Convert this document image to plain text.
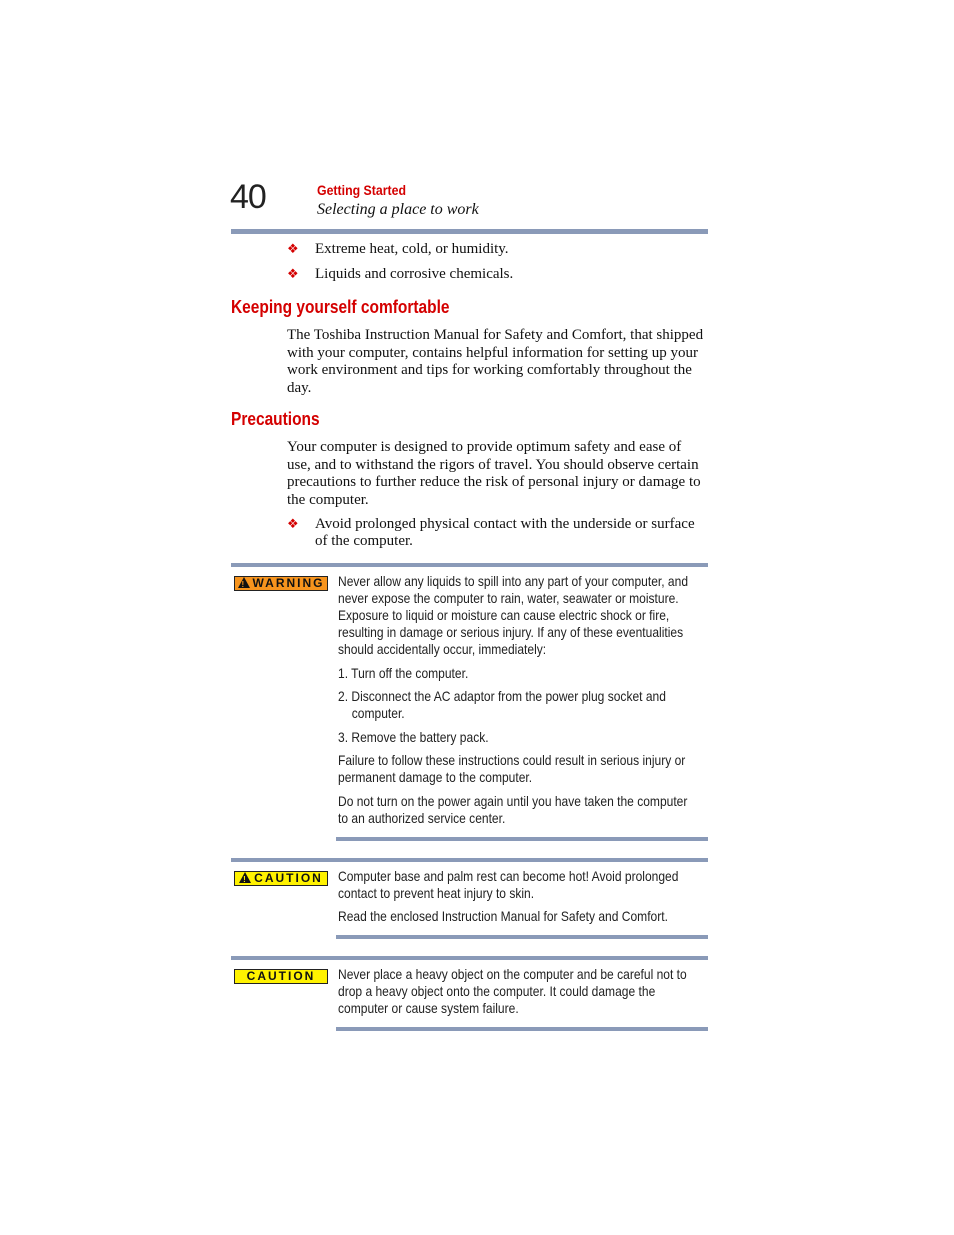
40	Getting Started
Selecting a place to work
❖ Extreme heat, cold, or humidity.
❖ Liquids and corrosive chemicals.
Keeping yourself comfortable
The Toshiba Instruction Manual for Safety and Comfort, that shipped with your computer, contains helpful information for setting up your work environment and tips for working comfortably throughout the day.
Precautions
Your computer is designed to provide optimum safety and ease of use, and to withstand the rigors of travel. You should observe certain precautions to further reduce the risk of personal injury or damage to the computer.
❖ Avoid prolonged physical contact with the underside or surface of the computer.
!WARNING Never allow any liquids to spill into any part of your computer, and never expose the computer to rain, water, seawater or moisture. Exposure to liquid or moisture can cause electric shock or fire, resulting in damage or serious injury. If any of these eventualities should accidentally occur, immediately:
1. Turn off the computer.
2. Disconnect the AC adaptor from the power plug socket and computer.
3. Remove the battery pack.
Failure to follow these instructions could result in serious injury or permanent damage to the computer.
Do not turn on the power again until you have taken the computer to an authorized service center.
!CAUTION	Computer base and palm rest can become hot! Avoid prolonged contact to prevent heat injury to skin.
Read the enclosed Instruction Manual for Safety and Comfort.
CAUTION	Never place a heavy object on the computer and be careful not to drop a heavy object onto the computer. It could damage the computer or cause system failure.
